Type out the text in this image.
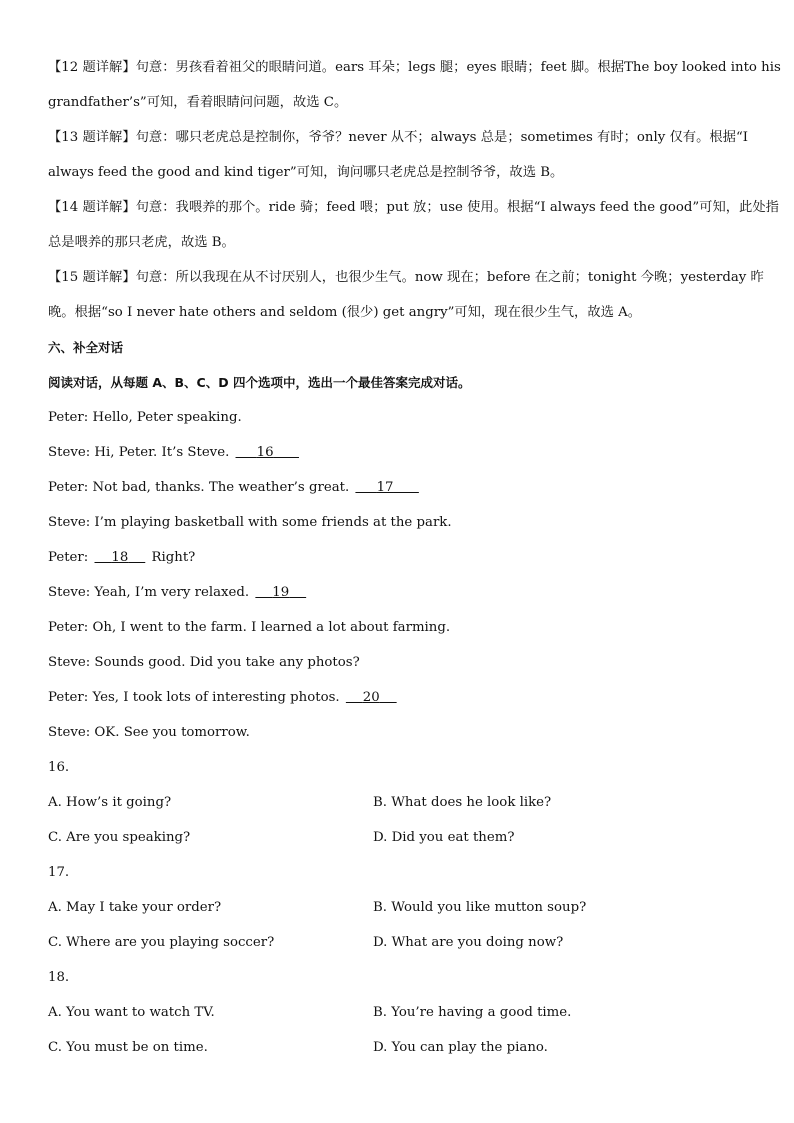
【12 题详解】句意：男孩看着祖父的眼睛问道。ears 耳朵；legs 腿；eyes 眼睛；feet 脚。根据The boy looked into his
grandfather’s”可知，看着眼睛问问题，故选 C。
【13 题详解】句意：哪只老虎总是控制你，爷爷？never 从不；always 总是；sometimes 有时；only 仅有。根据“I
always feed the good and kind tiger”可知，询问哪只老虎总是控制爷爷，故选 B。
【14 题详解】句意：我喂养的那个。ride 骑；feed 喂；put 放；use 使用。根据“I always feed the good”可知，此处指
总是喂养的那只老虎，故选 B。
【15 题详解】句意：所以我现在从不讨厌别人，也很少生气。now 现在；before 在之前；tonight 今晚；yesterday 昨
晚。根据“so I never hate others and seldom (很少) get angry”可知，现在很少生气，故选 A。
六、补全对话
阅读对话，从每题 A、B、C、D 四个选项中，选出一个最佳答案完成对话。
Peter: Hello, Peter speaking.
Steve: Hi, Peter. It’s Steve.      16
Peter: Not bad, thanks. The weather’s great.      17
Steve: I’m playing basketball with some friends at the park.
Peter:     18     Right?
Steve: Yeah, I’m very relaxed.     19
Peter: Oh, I went to the farm. I learned a lot about farming.
Steve: Sounds good. Did you take any photos?
Peter: Yes, I took lots of interesting photos.     20
Steve: OK. See you tomorrow.
16.
A. How’s it going?	B. What does he look like?
C. Are you speaking?	D. Did you eat them?
17.
A. May I take your order?	B. Would you like mutton soup?
C. Where are you playing soccer?	D. What are you doing now?
18.
A. You want to watch TV.	B. You’re having a good time.
C. You must be on time.	D. You can play the piano.
